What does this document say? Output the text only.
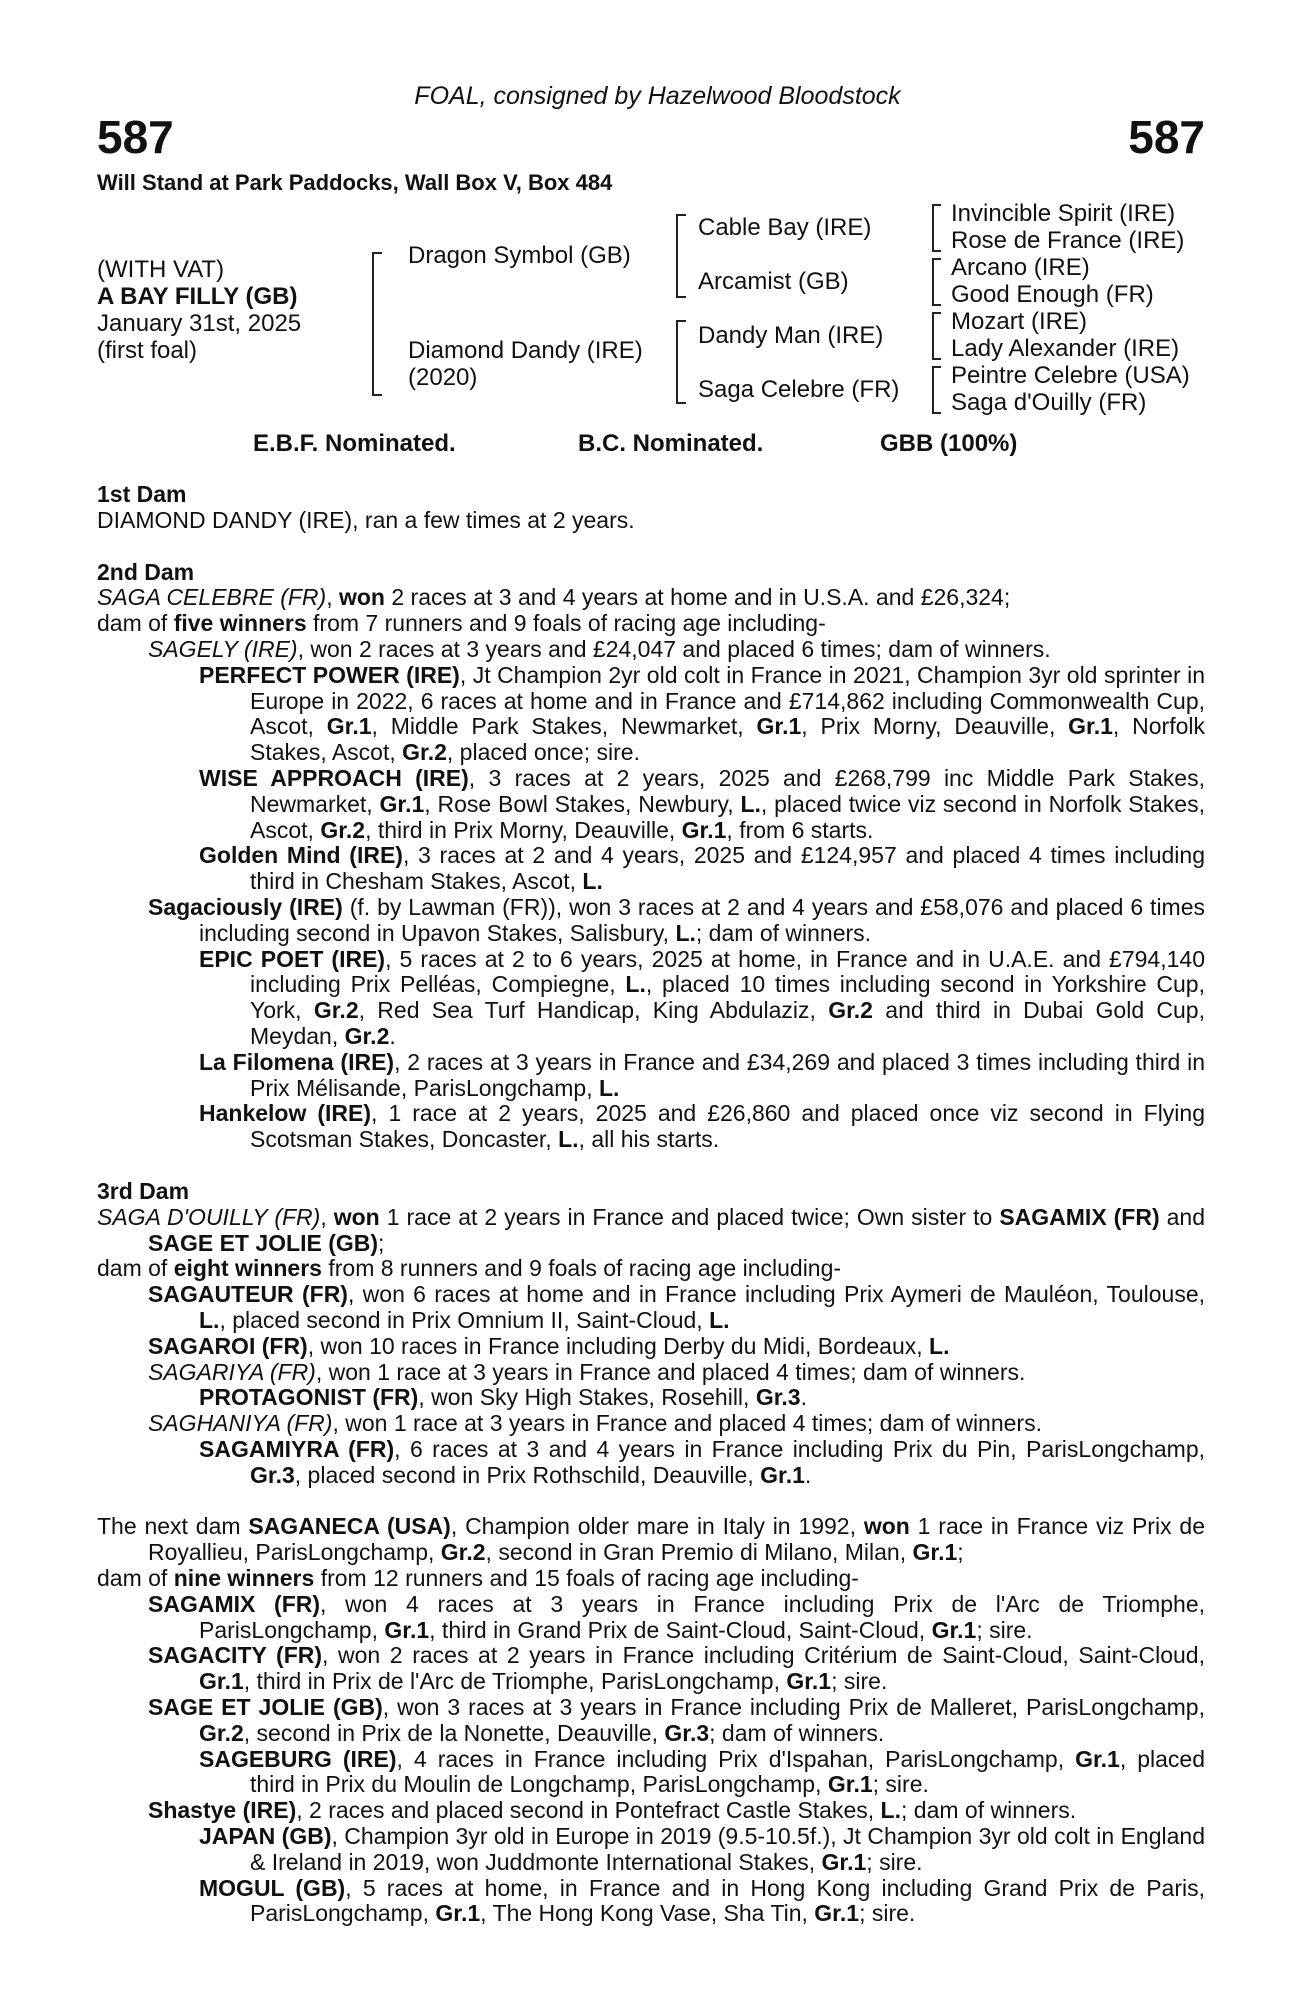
FOAL, consigned by Hazelwood Bloodstock
587	587
Will Stand at Park Paddocks, Wall Box V, Box 484
(WITH VAT)
A BAY FILLY (GB)
January 31st, 2025
(first foal)
Dragon Symbol (GB)
Diamond Dandy (IRE)
(2020)
Cable Bay (IRE)
Arcamist (GB)
Dandy Man (IRE)
Saga Celebre (FR)
Invincible Spirit (IRE)
Rose de France (IRE)
Arcano (IRE)
Good Enough (FR)
Mozart (IRE)
Lady Alexander (IRE)
Peintre Celebre (USA)
Saga d'Ouilly (FR)
E.B.F. Nominated.	B.C. Nominated.	GBB (100%)

1st Dam

DIAMOND DANDY (IRE), ran a few times at 2 years.

2nd Dam

SAGA CELEBRE (FR), won 2 races at 3 and 4 years at home and in U.S.A. and £26,324;

dam of five winners from 7 runners and 9 foals of racing age including-

SAGELY (IRE), won 2 races at 3 years and £24,047 and placed 6 times; dam of winners.

PERFECT POWER (IRE), Jt Champion 2yr old colt in France in 2021, Champion 3yr old sprinter in Europe in 2022, 6 races at home and in France and £714,862 including Commonwealth Cup, Ascot, Gr.1, Middle Park Stakes, Newmarket, Gr.1, Prix Morny, Deauville, Gr.1, Norfolk Stakes, Ascot, Gr.2, placed once; sire.

WISE APPROACH (IRE), 3 races at 2 years, 2025 and £268,799 inc Middle Park Stakes, Newmarket, Gr.1, Rose Bowl Stakes, Newbury, L., placed twice viz second in Norfolk Stakes, Ascot, Gr.2, third in Prix Morny, Deauville, Gr.1, from 6 starts.

Golden Mind (IRE), 3 races at 2 and 4 years, 2025 and £124,957 and placed 4 times including third in Chesham Stakes, Ascot, L.

Sagaciously (IRE) (f. by Lawman (FR)), won 3 races at 2 and 4 years and £58,076 and placed 6 times including second in Upavon Stakes, Salisbury, L.; dam of winners.

EPIC POET (IRE), 5 races at 2 to 6 years, 2025 at home, in France and in U.A.E. and £794,140 including Prix Pelléas, Compiegne, L., placed 10 times including second in Yorkshire Cup, York, Gr.2, Red Sea Turf Handicap, King Abdulaziz, Gr.2 and third in Dubai Gold Cup, Meydan, Gr.2.

La Filomena (IRE), 2 races at 3 years in France and £34,269 and placed 3 times including third in Prix Mélisande, ParisLongchamp, L.

Hankelow (IRE), 1 race at 2 years, 2025 and £26,860 and placed once viz second in Flying Scotsman Stakes, Doncaster, L., all his starts.

3rd Dam

SAGA D'OUILLY (FR), won 1 race at 2 years in France and placed twice; Own sister to SAGAMIX (FR) and SAGE ET JOLIE (GB);

dam of eight winners from 8 runners and 9 foals of racing age including-

SAGAUTEUR (FR), won 6 races at home and in France including Prix Aymeri de Mauléon, Toulouse, L., placed second in Prix Omnium II, Saint-Cloud, L.

SAGAROI (FR), won 10 races in France including Derby du Midi, Bordeaux, L.

SAGARIYA (FR), won 1 race at 3 years in France and placed 4 times; dam of winners.

PROTAGONIST (FR), won Sky High Stakes, Rosehill, Gr.3.

SAGHANIYA (FR), won 1 race at 3 years in France and placed 4 times; dam of winners.

SAGAMIYRA (FR), 6 races at 3 and 4 years in France including Prix du Pin, ParisLongchamp, Gr.3, placed second in Prix Rothschild, Deauville, Gr.1.

The next dam SAGANECA (USA), Champion older mare in Italy in 1992, won 1 race in France viz Prix de Royallieu, ParisLongchamp, Gr.2, second in Gran Premio di Milano, Milan, Gr.1;

dam of nine winners from 12 runners and 15 foals of racing age including-

SAGAMIX (FR), won 4 races at 3 years in France including Prix de l'Arc de Triomphe, ParisLongchamp, Gr.1, third in Grand Prix de Saint-Cloud, Saint-Cloud, Gr.1; sire.

SAGACITY (FR), won 2 races at 2 years in France including Critérium de Saint-Cloud, Saint-Cloud, Gr.1, third in Prix de l'Arc de Triomphe, ParisLongchamp, Gr.1; sire.

SAGE ET JOLIE (GB), won 3 races at 3 years in France including Prix de Malleret, ParisLongchamp, Gr.2, second in Prix de la Nonette, Deauville, Gr.3; dam of winners.

SAGEBURG (IRE), 4 races in France including Prix d'Ispahan, ParisLongchamp, Gr.1, placed third in Prix du Moulin de Longchamp, ParisLongchamp, Gr.1; sire.

Shastye (IRE), 2 races and placed second in Pontefract Castle Stakes, L.; dam of winners.

JAPAN (GB), Champion 3yr old in Europe in 2019 (9.5-10.5f.), Jt Champion 3yr old colt in England & Ireland in 2019, won Juddmonte International Stakes, Gr.1; sire.

MOGUL (GB), 5 races at home, in France and in Hong Kong including Grand Prix de Paris, ParisLongchamp, Gr.1, The Hong Kong Vase, Sha Tin, Gr.1; sire.
